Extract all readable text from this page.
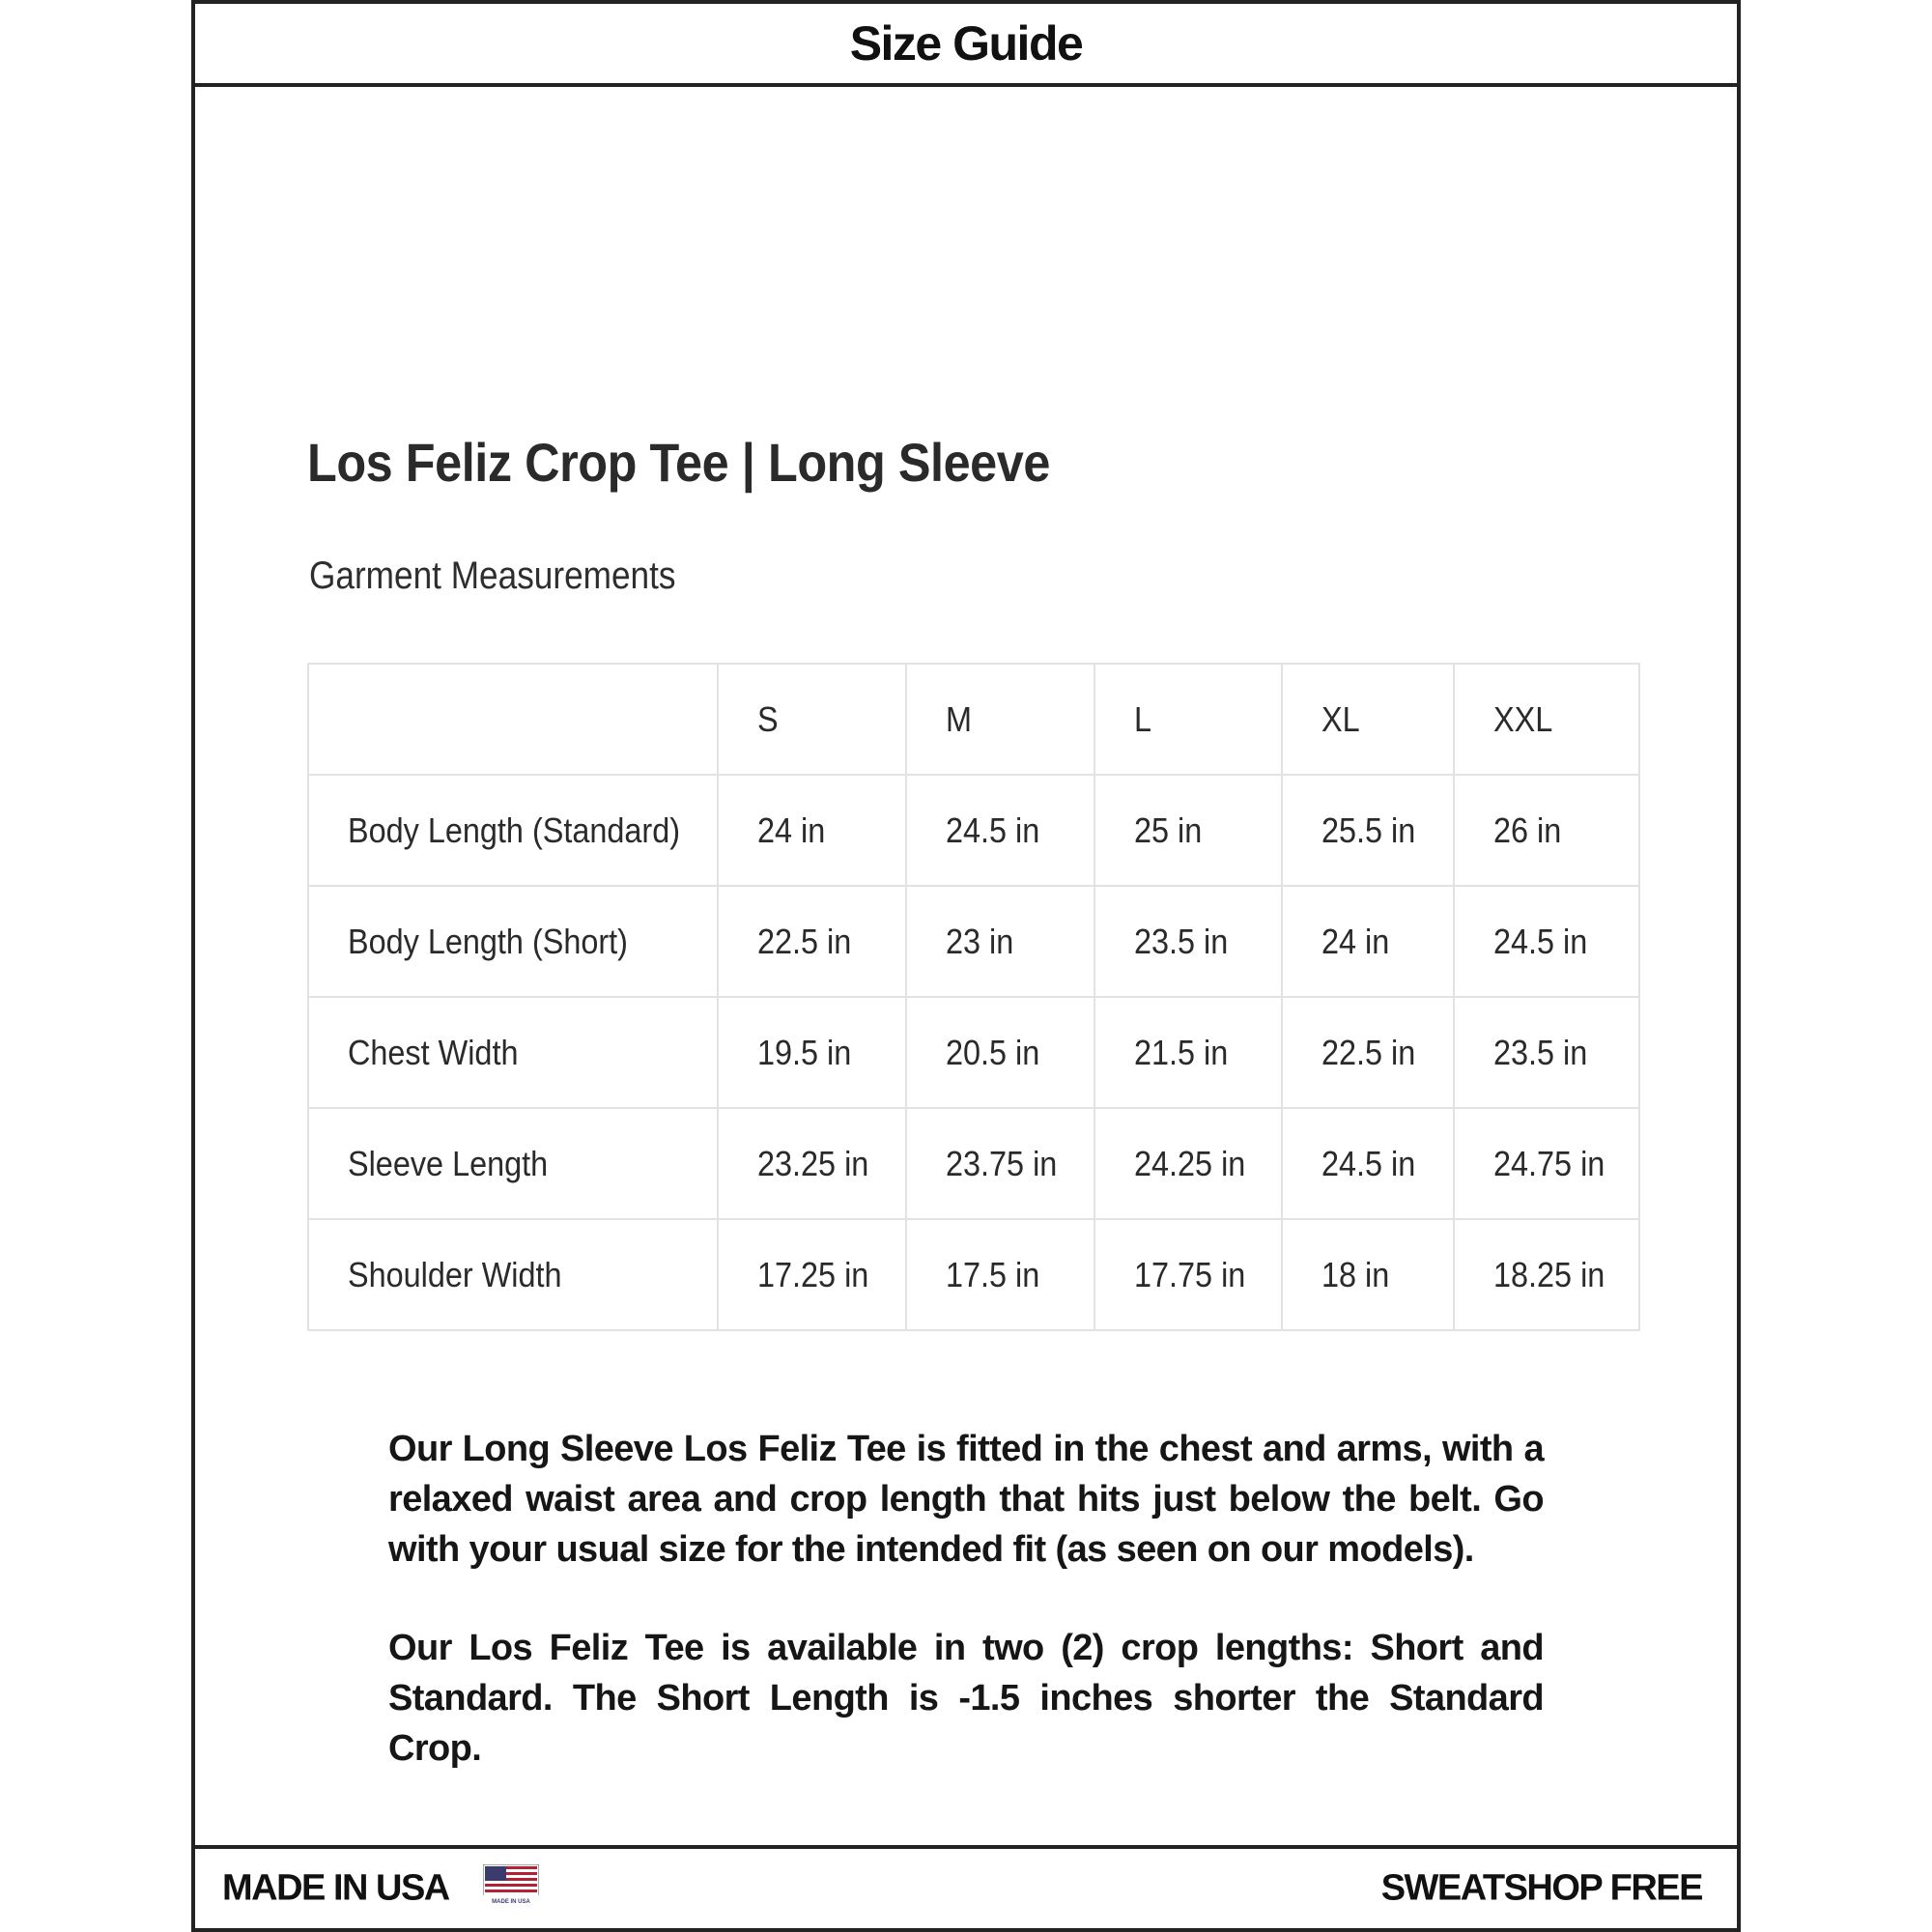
Size Guide
Los Feliz Crop Tee | Long Sleeve
Garment Measurements
	S	M	L	XL	XXL
Body Length (Standard)	24 in	24.5 in	25 in	25.5 in	26 in
Body Length (Short)	22.5 in	23 in	23.5 in	24 in	24.5 in
Chest Width	19.5 in	20.5 in	21.5 in	22.5 in	23.5 in
Sleeve Length	23.25 in	23.75 in	24.25 in	24.5 in	24.75 in
Shoulder Width	17.25 in	17.5 in	17.75 in	18 in	18.25 in

Our Long Sleeve Los Feliz Tee is fitted in the chest and arms, with a relaxed waist area and crop length that hits just below the belt. Go with your usual size for the intended fit (as seen on our models).

Our Los Feliz Tee is available in two (2) crop lengths: Short and Standard. The Short Length is -1.5 inches shorter the Standard Crop.

MADE IN USA	MADE IN USA	SWEATSHOP FREE
